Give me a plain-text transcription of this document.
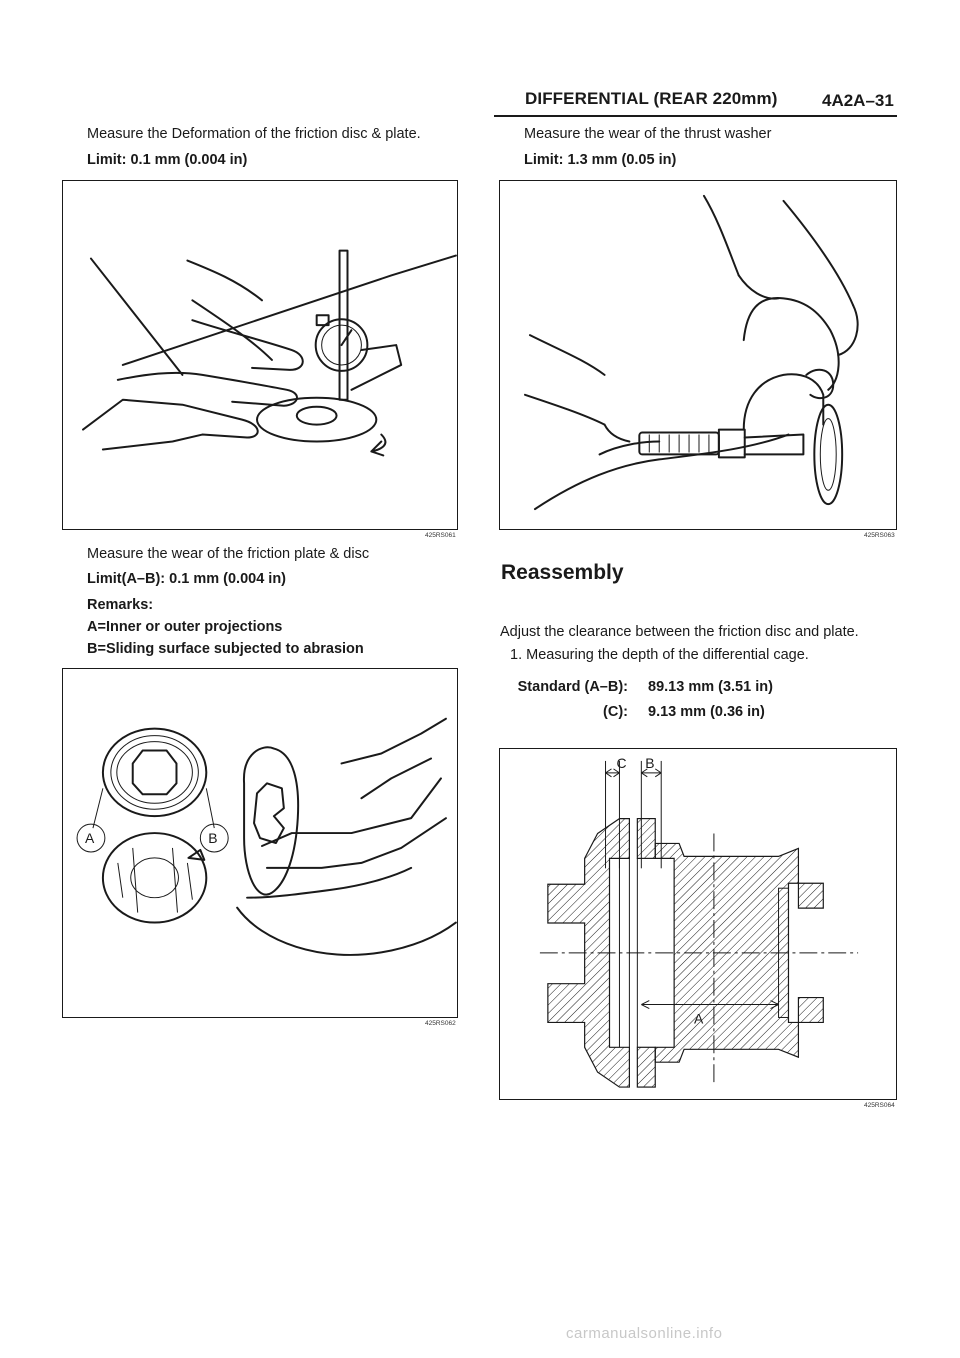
DIFFERENTIAL (REAR 220mm)	4A2A–31
Measure the Deformation of the friction disc & plate.
Limit: 0.1 mm (0.004 in)
425RS061
Measure the wear of the friction plate & disc
Limit(A–B): 0.1 mm (0.004 in)
Remarks:
A=Inner or outer projections
B=Sliding surface subjected to abrasion
A	B
425RS062
Measure the wear of the thrust washer
Limit: 1.3 mm (0.05 in)
425RS063
Reassembly
Adjust the clearance between the friction disc and plate.
1. Measuring the depth of the differential cage.
Standard (A–B): 89.13 mm (3.51 in)
(C): 9.13 mm (0.36 in)
C B
A
425RS064
carmanualsonline.info
